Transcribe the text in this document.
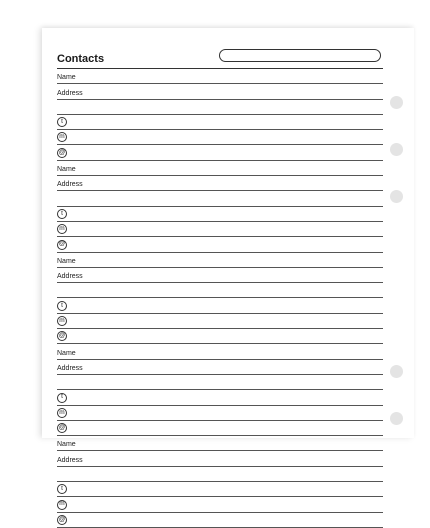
Contacts
Name
Address
t
m
@
Name
Address
t
m
@
Name
Address
t
m
@
Name
Address
t
m
@
Name
Address
t
m
@
